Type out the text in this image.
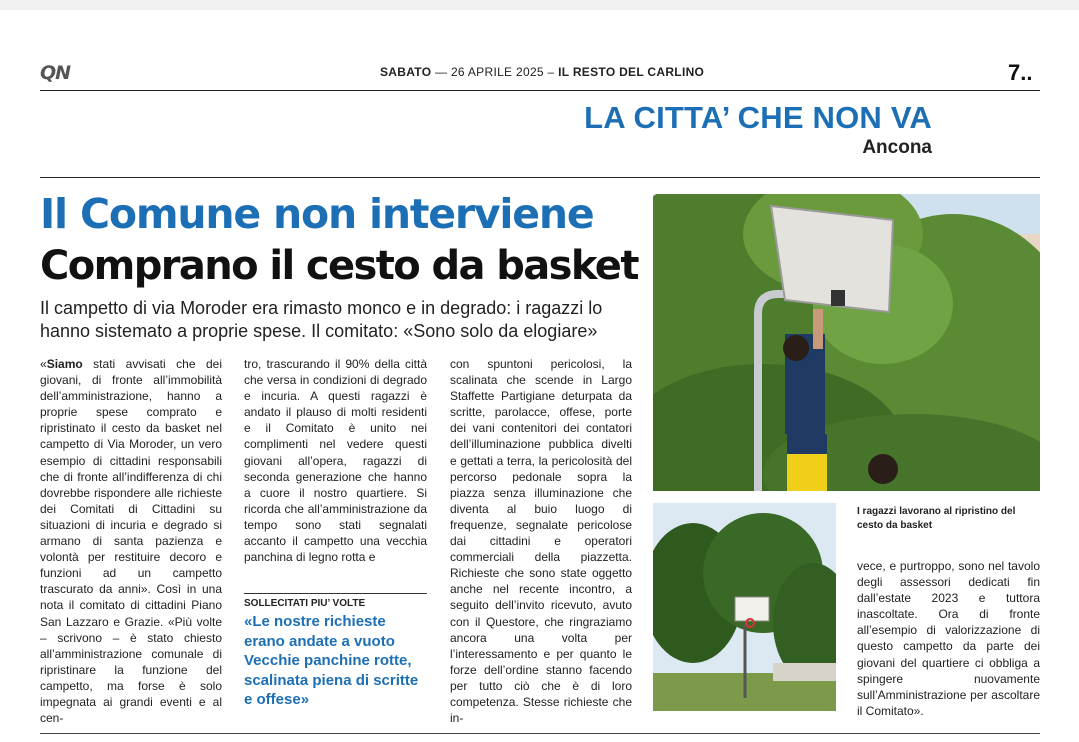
QN	SABATO — 26 APRILE 2025 – IL RESTO DEL CARLINO	7..
LA CITTA’ CHE NON VA
Ancona
Il Comune non interviene
Comprano il cesto da basket
Il campetto di via Moroder era rimasto monco e in degrado: i ragazzi lo hanno sistemato a proprie spese. Il comitato: «Sono solo da elogiare»
«Siamo stati avvisati che dei giovani, di fronte all’immobilità dell’amministrazione, hanno a proprie spese comprato e ripristinato il cesto da basket nel campetto di Via Moroder, un vero esempio di cittadini responsabili che di fronte all’indifferenza di chi dovrebbe rispondere alle richieste dei Comitati di Cittadini su situazioni di incuria e degrado si armano di santa pazienza e volontà per restituire decoro e funzioni ad un campetto trascurato da anni». Così in una nota il comitato di cittadini Piano San Lazzaro e Grazie. «Più volte – scrivono – è stato chiesto all’amministrazione comunale di ripristinare la funzione del campetto, ma forse è solo impegnata ai grandi eventi e al cen-
tro, trascurando il 90% della città che versa in condizioni di degrado e incuria. A questi ragazzi è andato il plauso di molti residenti e il Comitato è unito nei complimenti nel vedere questi giovani all’opera, ragazzi di seconda generazione che hanno a cuore il nostro quartiere. Si ricorda che all’amministrazione da tempo sono stati segnalati accanto il campetto una vecchia panchina di legno rotta e
SOLLECITATI PIU’ VOLTE
«Le nostre richieste erano andate a vuoto Vecchie panchine rotte, scalinata piena di scritte e offese»
con spuntoni pericolosi, la scalinata che scende in Largo Staffette Partigiane deturpata da scritte, parolacce, offese, porte dei vani contenitori dei contatori dell’illuminazione pubblica divelti e gettati a terra, la pericolosità del percorso pedonale sopra la piazza senza illuminazione che diventa al buio luogo di frequenze, segnalate pericolose dai cittadini e operatori commerciali della piazzetta. Richieste che sono state oggetto anche nel recente incontro, a seguito dell’invito ricevuto, avuto con il Questore, che ringraziamo ancora una volta per l’interessamento e per quanto le forze dell’ordine stanno facendo per tutto ciò che è di loro competenza. Stesse richieste che in-
I ragazzi lavorano al ripristino del cesto da basket
vece, e purtroppo, sono nel tavolo degli assessori dedicati fin dall’estate 2023 e tuttora inascoltate. Ora di fronte all’esempio di valorizzazione di questo campetto da parte dei giovani del quartiere ci obbliga a spingere nuovamente sull’Amministrazione per ascoltare il Comitato».
